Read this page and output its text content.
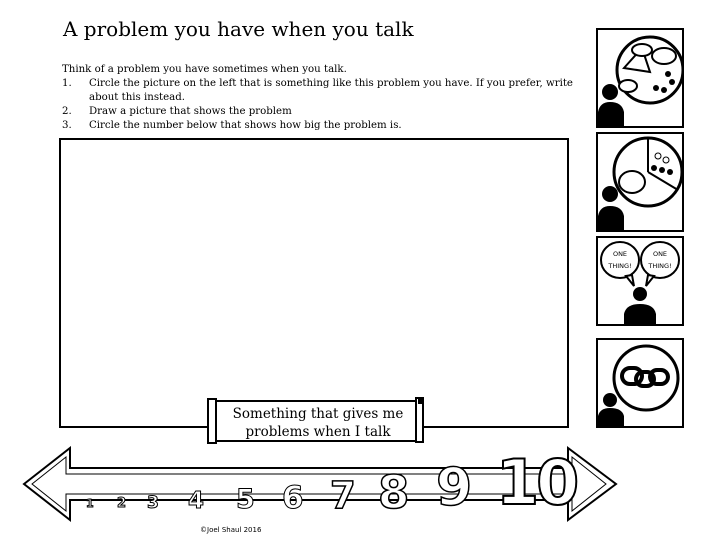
A problem you have when you talk
Think of a problem you have sometimes when you talk.
1.	Circle the picture on the left that is something like this problem you have. If you prefer, write about this instead.
2.	Draw a picture that shows the problem
3.	Circle the number below that shows how big the problem is.
Something that gives me problems when I talk
1 2 3 4 5 6 7 8 9 10
©Joel Shaul 2016
ONE
THING!
ONE
THING!
